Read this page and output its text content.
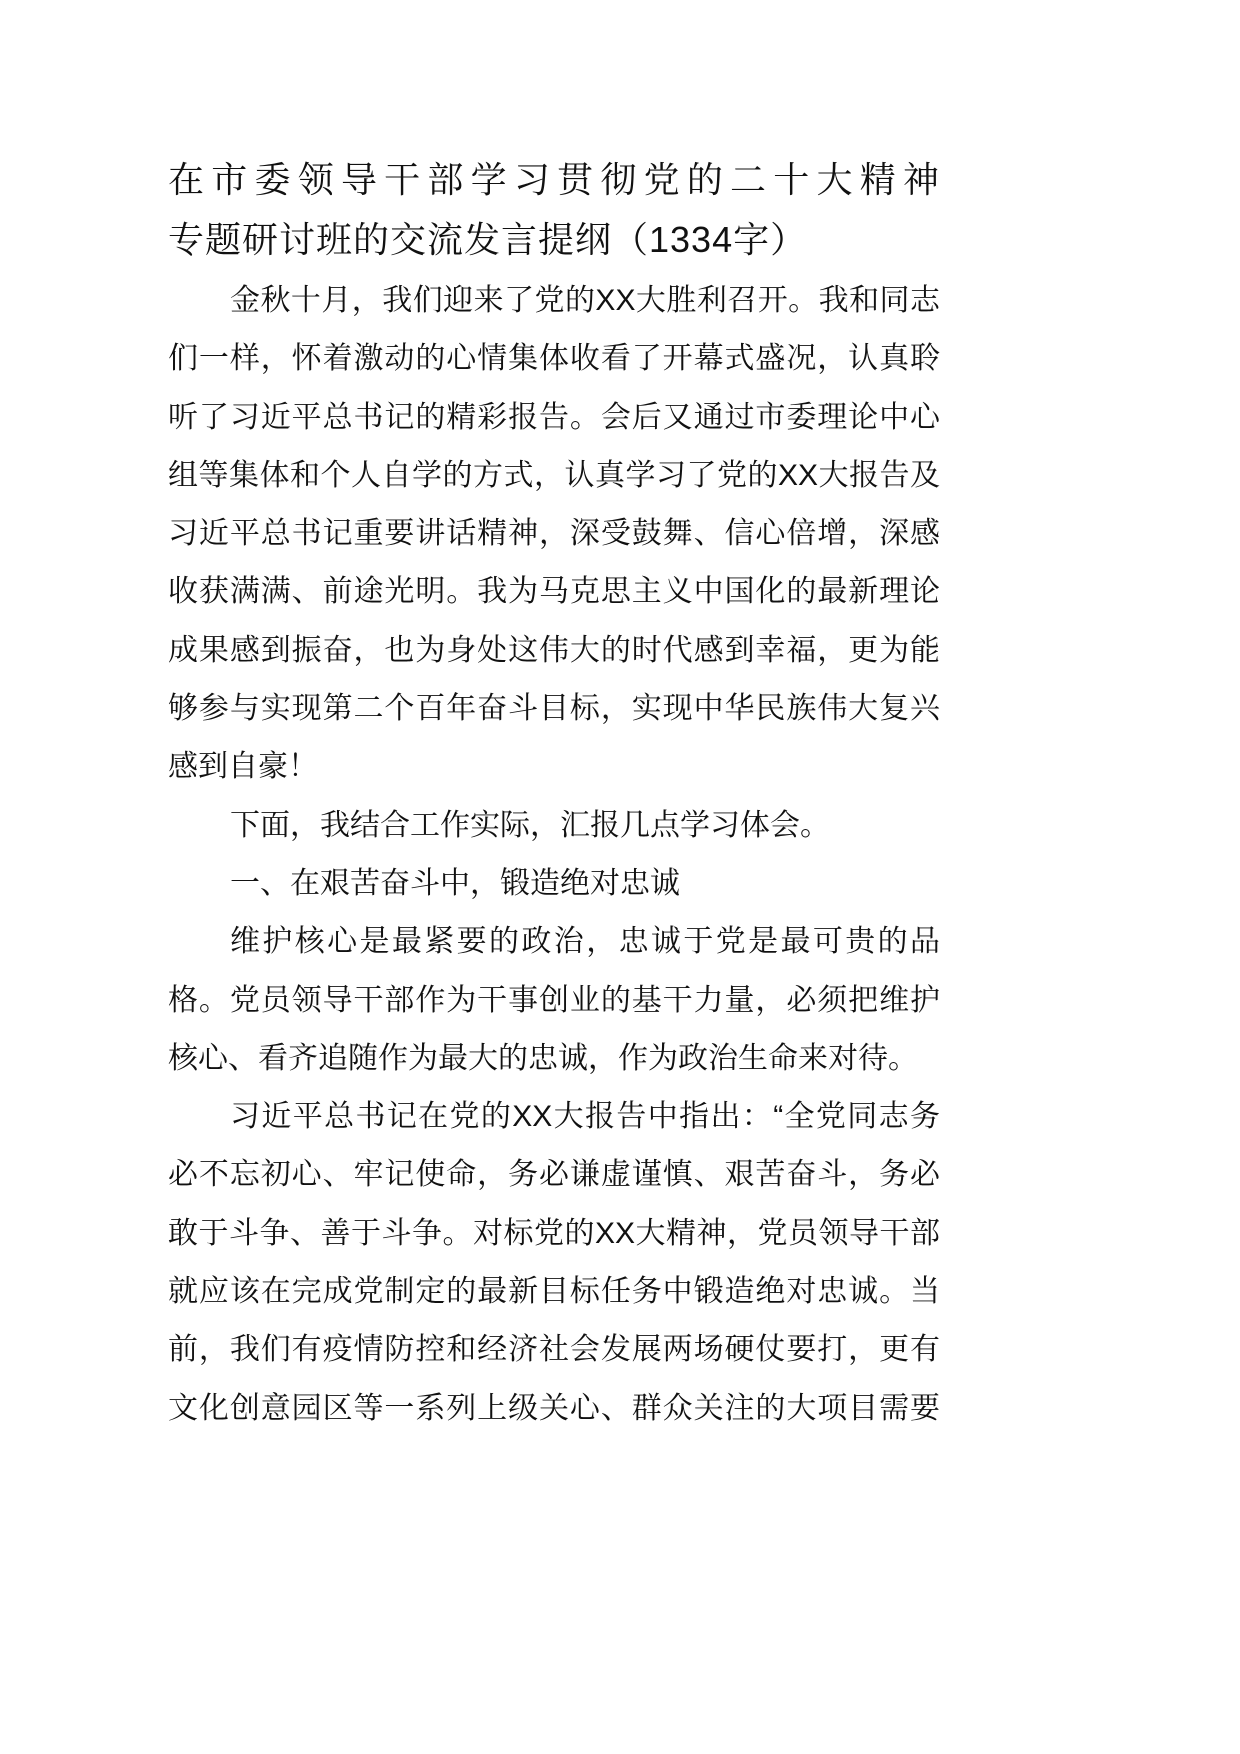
在市委领导干部学习贯彻党的二十大精神
专题研讨班的交流发言提纲（1334字）
金秋十月，我们迎来了党的XX大胜利召开。我和同志
们一样，怀着激动的心情集体收看了开幕式盛况，认真聆
听了习近平总书记的精彩报告。会后又通过市委理论中心
组等集体和个人自学的方式，认真学习了党的XX大报告及
习近平总书记重要讲话精神，深受鼓舞、信心倍增，深感
收获满满、前途光明。我为马克思主义中国化的最新理论
成果感到振奋，也为身处这伟大的时代感到幸福，更为能
够参与实现第二个百年奋斗目标，实现中华民族伟大复兴
感到自豪！
下面，我结合工作实际，汇报几点学习体会。
一、在艰苦奋斗中，锻造绝对忠诚
维护核心是最紧要的政治，忠诚于党是最可贵的品
格。党员领导干部作为干事创业的基干力量，必须把维护
核心、看齐追随作为最大的忠诚，作为政治生命来对待。
习近平总书记在党的XX大报告中指出：“全党同志务
必不忘初心、牢记使命，务必谦虚谨慎、艰苦奋斗，务必
敢于斗争、善于斗争。对标党的XX大精神，党员领导干部
就应该在完成党制定的最新目标任务中锻造绝对忠诚。当
前，我们有疫情防控和经济社会发展两场硬仗要打，更有
文化创意园区等一系列上级关心、群众关注的大项目需要
